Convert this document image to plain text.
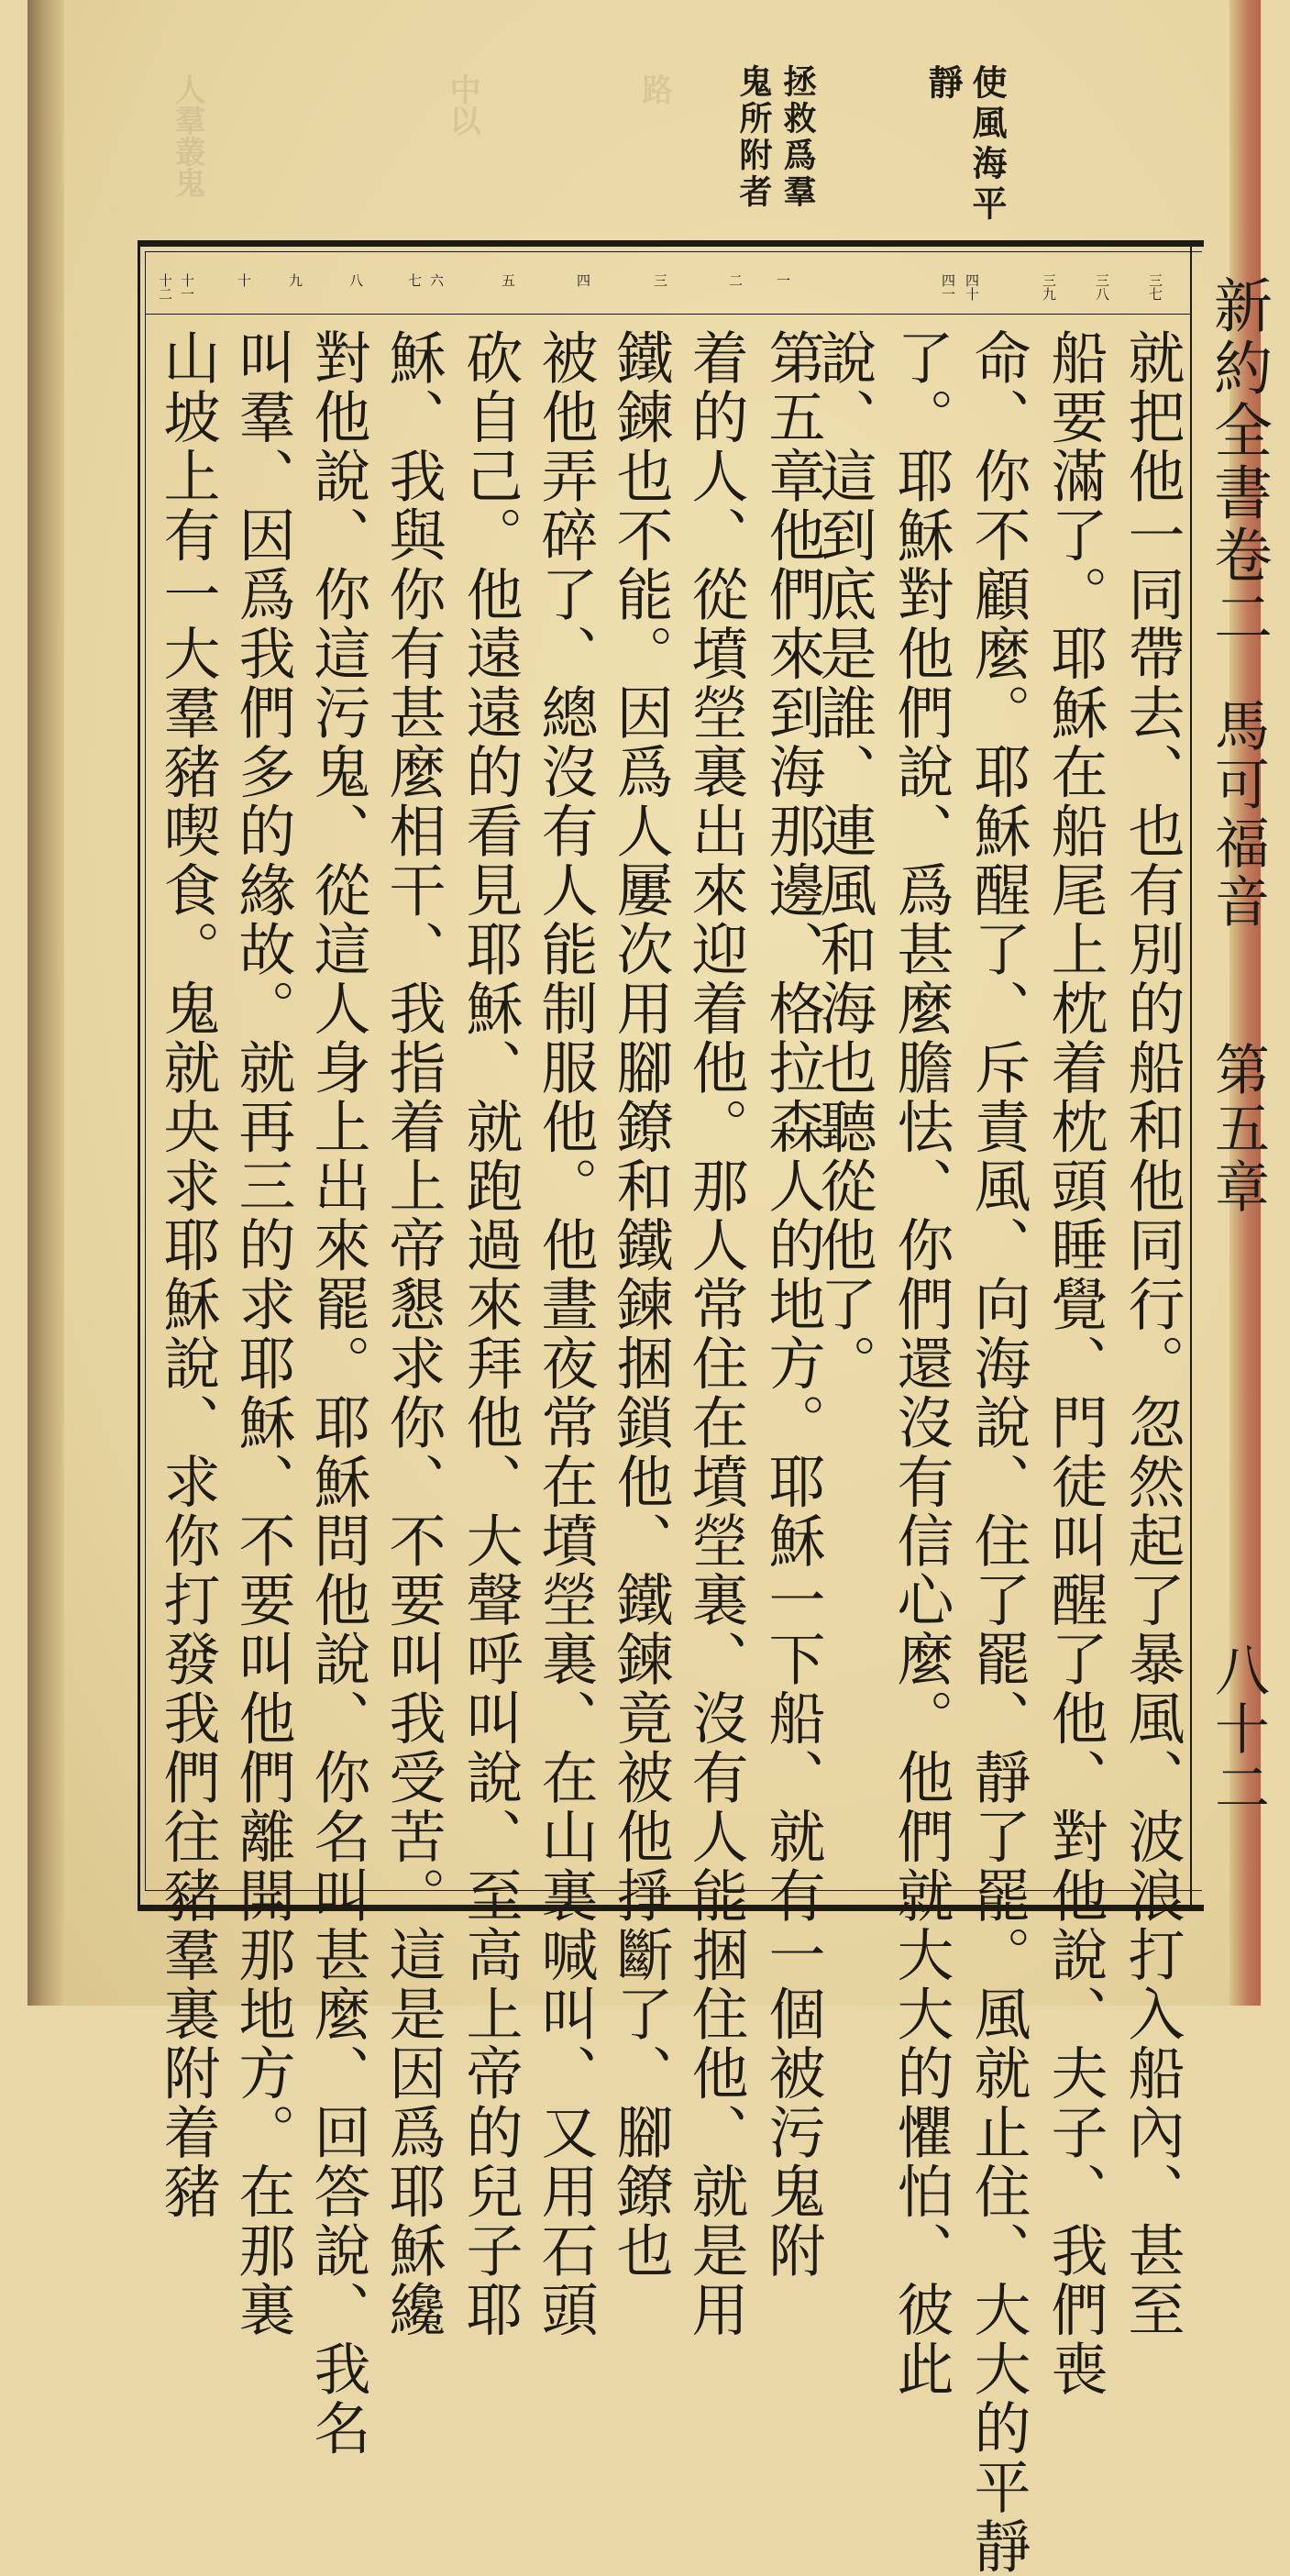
人羣叢鬼	中以	路	使風海平
靜
拯救爲羣
鬼所附者
新約全書卷二
馬可福音
第五章
八十二
三七
三八
三九
四十
四一
一
二
三
四
五
六
七
八
九
十
十一
十二
就把他一同帶去、也有別的船和他同行。忽然起了暴風、波浪打入船內、甚至
船要滿了。耶穌在船尾上枕着枕頭睡覺、門徒叫醒了他、對他說、夫子、我們喪
命、你不顧麼。耶穌醒了、斥責風、向海說、住了罷、靜了罷。風就止住、大大的平靜
了。耶穌對他們說、爲甚麼膽怯、你們還沒有信心麼。他們就大大的懼怕、彼此
說、這到底是誰、連風和海也聽從他了。
第五章他們來到海那邊、格拉森人的地方。耶穌一下船、就有一個被污鬼附
着的人、從墳塋裏出來迎着他。那人常住在墳塋裏、沒有人能捆住他、就是用
鐵鍊也不能。因爲人屢次用腳鐐和鐵鍊捆鎖他、鐵鍊竟被他掙斷了、腳鐐也
被他弄碎了、總沒有人能制服他。他晝夜常在墳塋裏、在山裏喊叫、又用石頭
砍自己。他遠遠的看見耶穌、就跑過來拜他、大聲呼叫說、至高上帝的兒子耶
穌、我與你有甚麼相干、我指着上帝懇求你、不要叫我受苦。這是因爲耶穌纔
對他說、你這污鬼、從這人身上出來罷。耶穌問他說、你名叫甚麼、回答說、我名
叫羣、因爲我們多的緣故。就再三的求耶穌、不要叫他們離開那地方。在那裏
山坡上有一大羣豬喫食。鬼就央求耶穌說、求你打發我們往豬羣裏附着豬
